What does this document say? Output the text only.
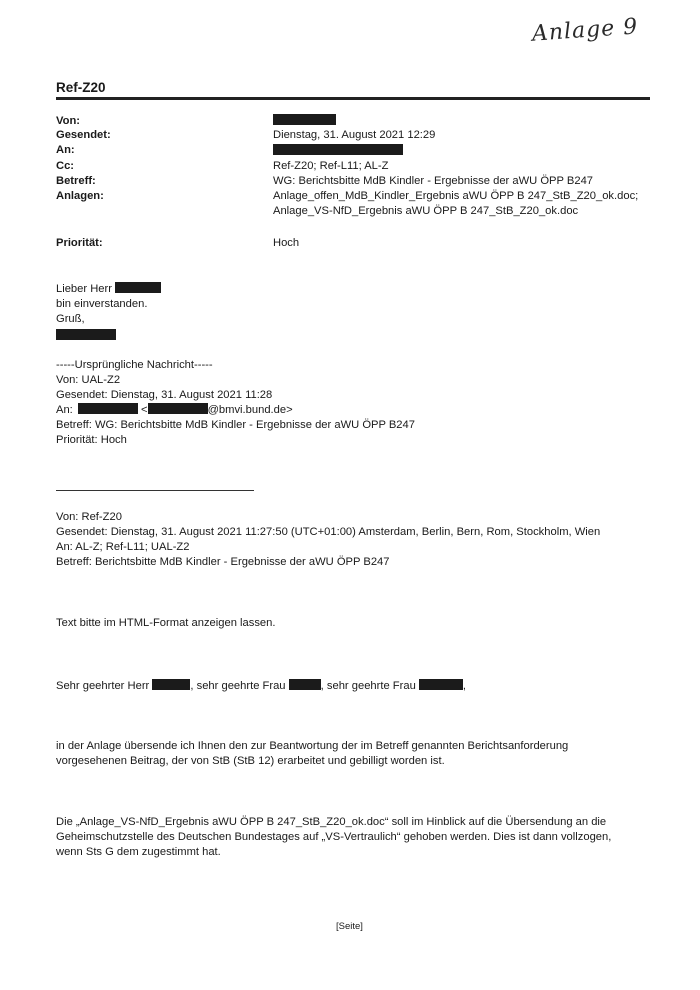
Anlage 9
Ref-Z20
Von:
Gesendet:	Dienstag, 31. August 2021 12:29
An:
Cc:	Ref-Z20; Ref-L11; AL-Z
Betreff:	WG: Berichtsbitte MdB Kindler - Ergebnisse der aWU ÖPP B247
Anlagen:	Anlage_offen_MdB_Kindler_Ergebnis aWU ÖPP B 247_StB_Z20_ok.doc;
Anlage_VS-NfD_Ergebnis aWU ÖPP B 247_StB_Z20_ok.doc
Priorität:	Hoch
Lieber Herr
bin einverstanden.
Gruß,
-----Ursprüngliche Nachricht-----
Von: UAL-Z2
Gesendet: Dienstag, 31. August 2021 11:28
An:	<	@bmvi.bund.de>
Betreff: WG: Berichtsbitte MdB Kindler - Ergebnisse der aWU ÖPP B247
Priorität: Hoch
Von: Ref-Z20
Gesendet: Dienstag, 31. August 2021 11:27:50 (UTC+01:00) Amsterdam, Berlin, Bern, Rom, Stockholm, Wien
An: AL-Z; Ref-L11; UAL-Z2
Betreff: Berichtsbitte MdB Kindler - Ergebnisse der aWU ÖPP B247
Text bitte im HTML-Format anzeigen lassen.
Sehr geehrter Herr	, sehr geehrte Frau	, sehr geehrte Frau	,
in der Anlage übersende ich Ihnen den zur Beantwortung der im Betreff genannten Berichtsanforderung
vorgesehenen Beitrag, der von StB (StB 12) erarbeitet und gebilligt worden ist.
Die „Anlage_VS-NfD_Ergebnis aWU ÖPP B 247_StB_Z20_ok.doc“ soll im Hinblick auf die Übersendung an die
Geheimschutzstelle des Deutschen Bundestages auf „VS-Vertraulich“ gehoben werden. Dies ist dann vollzogen,
wenn Sts G dem zugestimmt hat.
[Seite]
